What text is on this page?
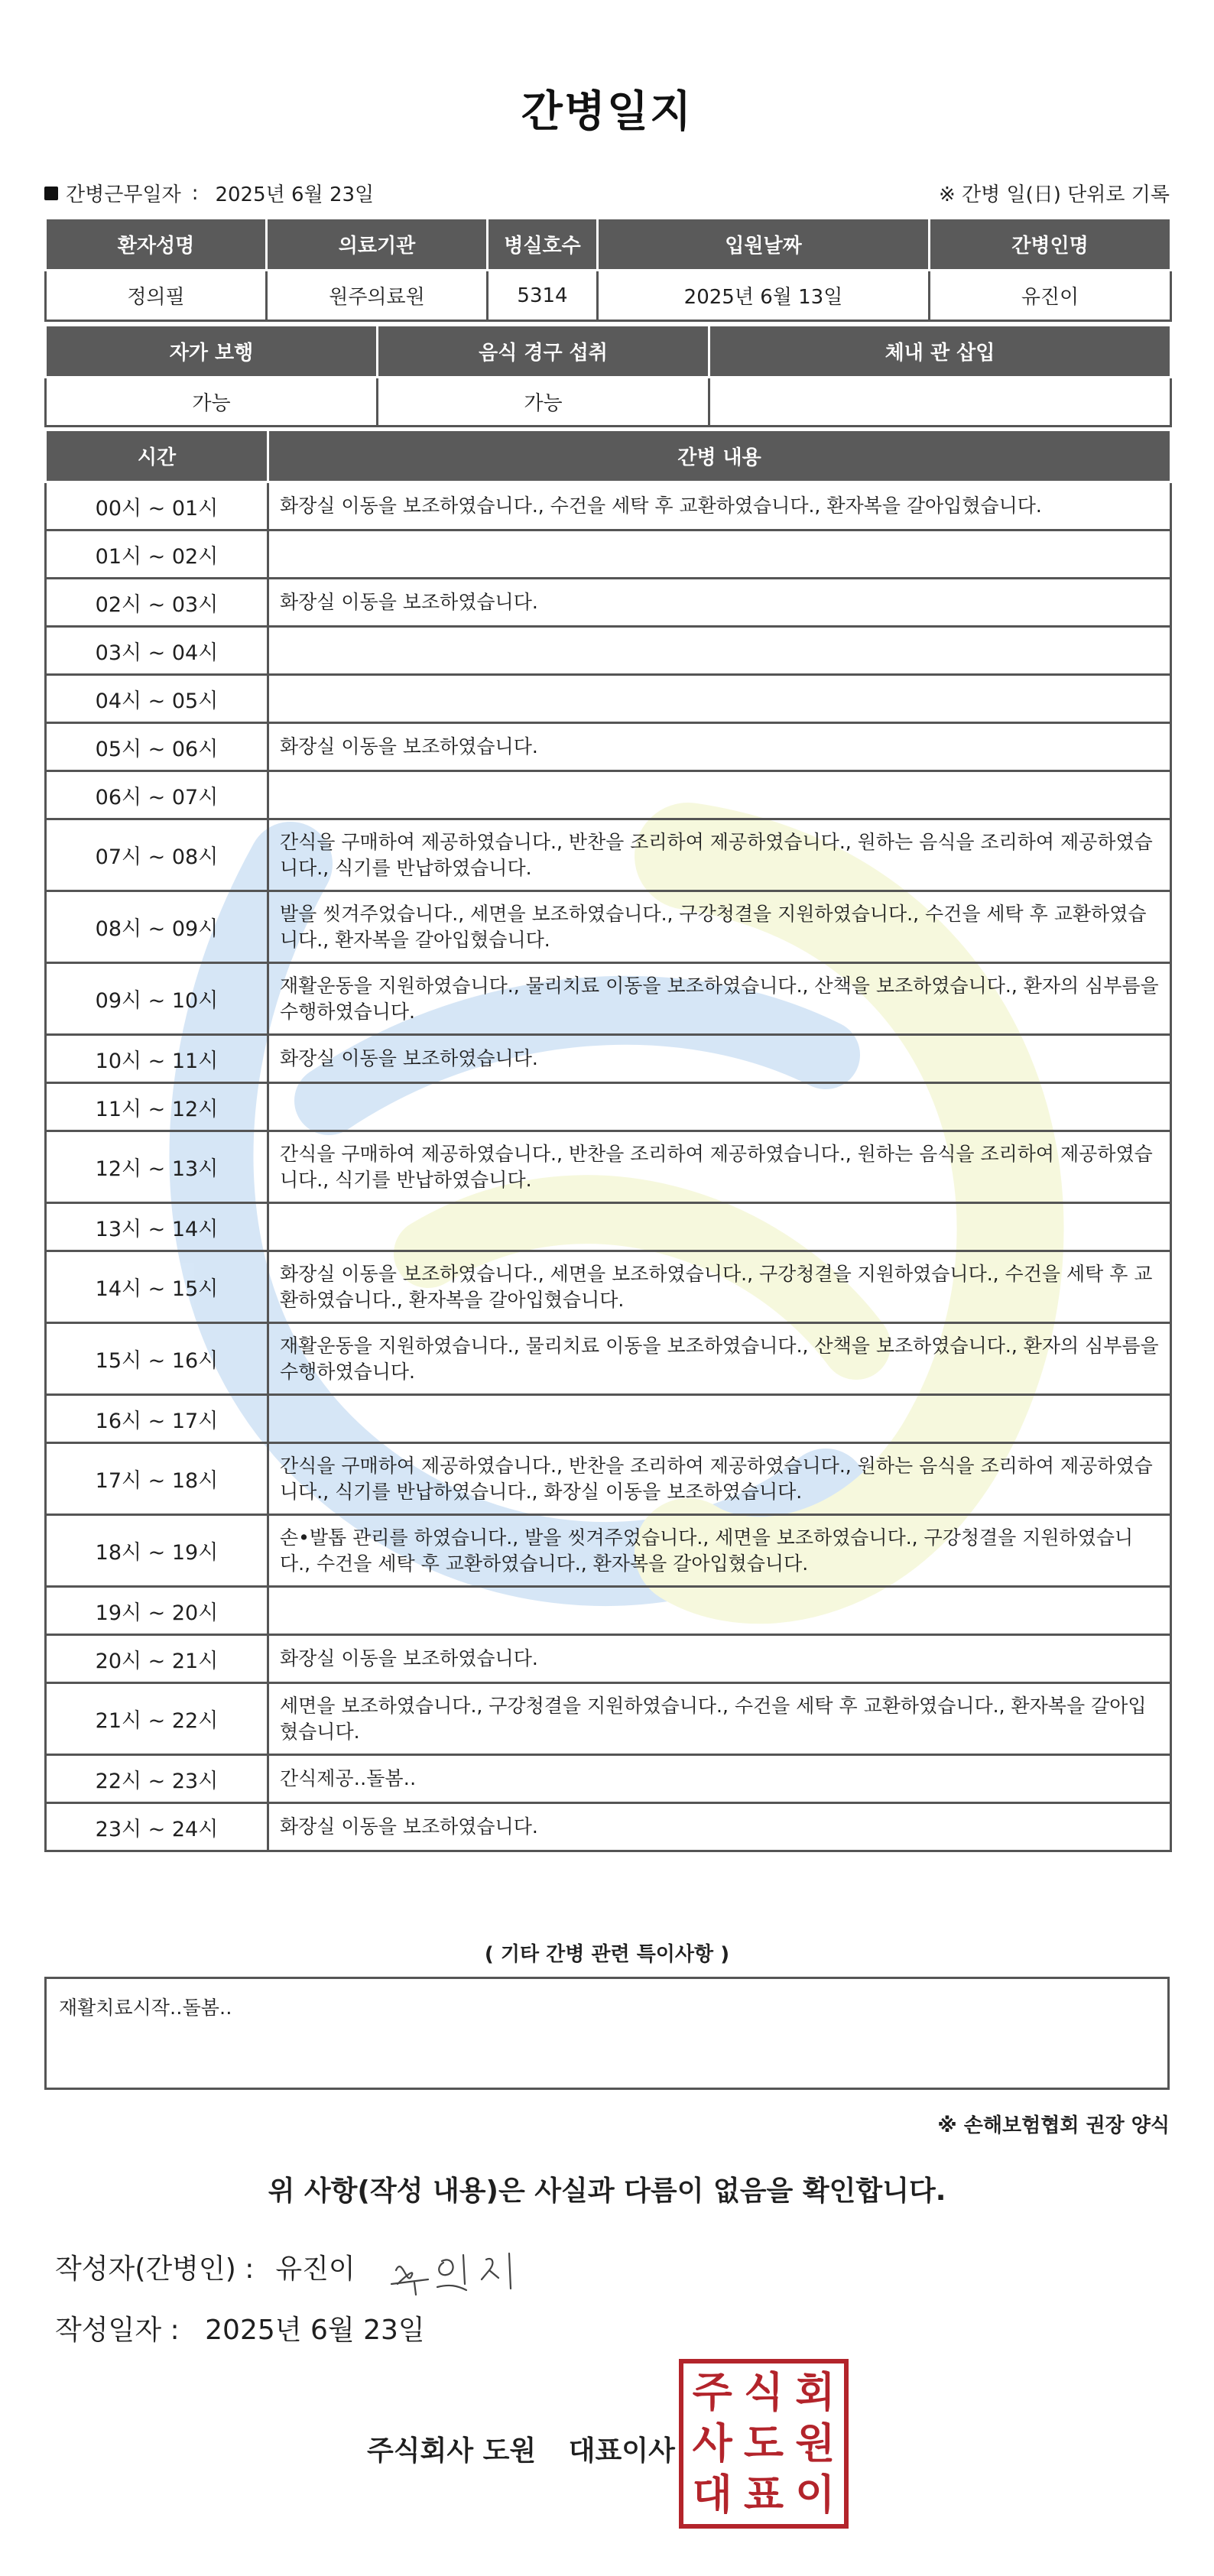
간병일지
간병근무일자 : 2025년 6월 23일	※ 간병 일(日) 단위로 기록
환자성명	의료기관	병실호수	입원날짜	간병인명
정의필	원주의료원	5314	2025년 6월 13일	유진이
자가 보행	음식 경구 섭취	체내 관 삽입
가능	가능	
시간	간병 내용
00시 ~ 01시	화장실 이동을 보조하였습니다., 수건을 세탁 후 교환하였습니다., 환자복을 갈아입혔습니다.
01시 ~ 02시	
02시 ~ 03시	화장실 이동을 보조하였습니다.
03시 ~ 04시	
04시 ~ 05시	
05시 ~ 06시	화장실 이동을 보조하였습니다.
06시 ~ 07시	
07시 ~ 08시	간식을 구매하여 제공하였습니다., 반찬을 조리하여 제공하였습니다., 원하는 음식을 조리하여 제공하였습니다., 식기를 반납하였습니다.
08시 ~ 09시	발을 씻겨주었습니다., 세면을 보조하였습니다., 구강청결을 지원하였습니다., 수건을 세탁 후 교환하였습니다., 환자복을 갈아입혔습니다.
09시 ~ 10시	재활운동을 지원하였습니다., 물리치료 이동을 보조하였습니다., 산책을 보조하였습니다., 환자의 심부름을 수행하였습니다.
10시 ~ 11시	화장실 이동을 보조하였습니다.
11시 ~ 12시	
12시 ~ 13시	간식을 구매하여 제공하였습니다., 반찬을 조리하여 제공하였습니다., 원하는 음식을 조리하여 제공하였습니다., 식기를 반납하였습니다.
13시 ~ 14시	
14시 ~ 15시	화장실 이동을 보조하였습니다., 세면을 보조하였습니다., 구강청결을 지원하였습니다., 수건을 세탁 후 교환하였습니다., 환자복을 갈아입혔습니다.
15시 ~ 16시	재활운동을 지원하였습니다., 물리치료 이동을 보조하였습니다., 산책을 보조하였습니다., 환자의 심부름을 수행하였습니다.
16시 ~ 17시	
17시 ~ 18시	간식을 구매하여 제공하였습니다., 반찬을 조리하여 제공하였습니다., 원하는 음식을 조리하여 제공하였습니다., 식기를 반납하였습니다., 화장실 이동을 보조하였습니다.
18시 ~ 19시	손•발톱 관리를 하였습니다., 발을 씻겨주었습니다., 세면을 보조하였습니다., 구강청결을 지원하였습니다., 수건을 세탁 후 교환하였습니다., 환자복을 갈아입혔습니다.
19시 ~ 20시	
20시 ~ 21시	화장실 이동을 보조하였습니다.
21시 ~ 22시	세면을 보조하였습니다., 구강청결을 지원하였습니다., 수건을 세탁 후 교환하였습니다., 환자복을 갈아입혔습니다.
22시 ~ 23시	간식제공‥돌봄‥
23시 ~ 24시	화장실 이동을 보조하였습니다.
( 기타 간병 관련 특이사항 )
재활치료시작‥돌봄‥
※ 손해보험협회 권장 양식
위 사항(작성 내용)은 사실과 다름이 없음을 확인합니다.
작성자(간병인) : 유진이
작성일자 : 2025년 6월 23일
주식회사 도원 대표이사
주 식 회
사 도 원
대 표 이
